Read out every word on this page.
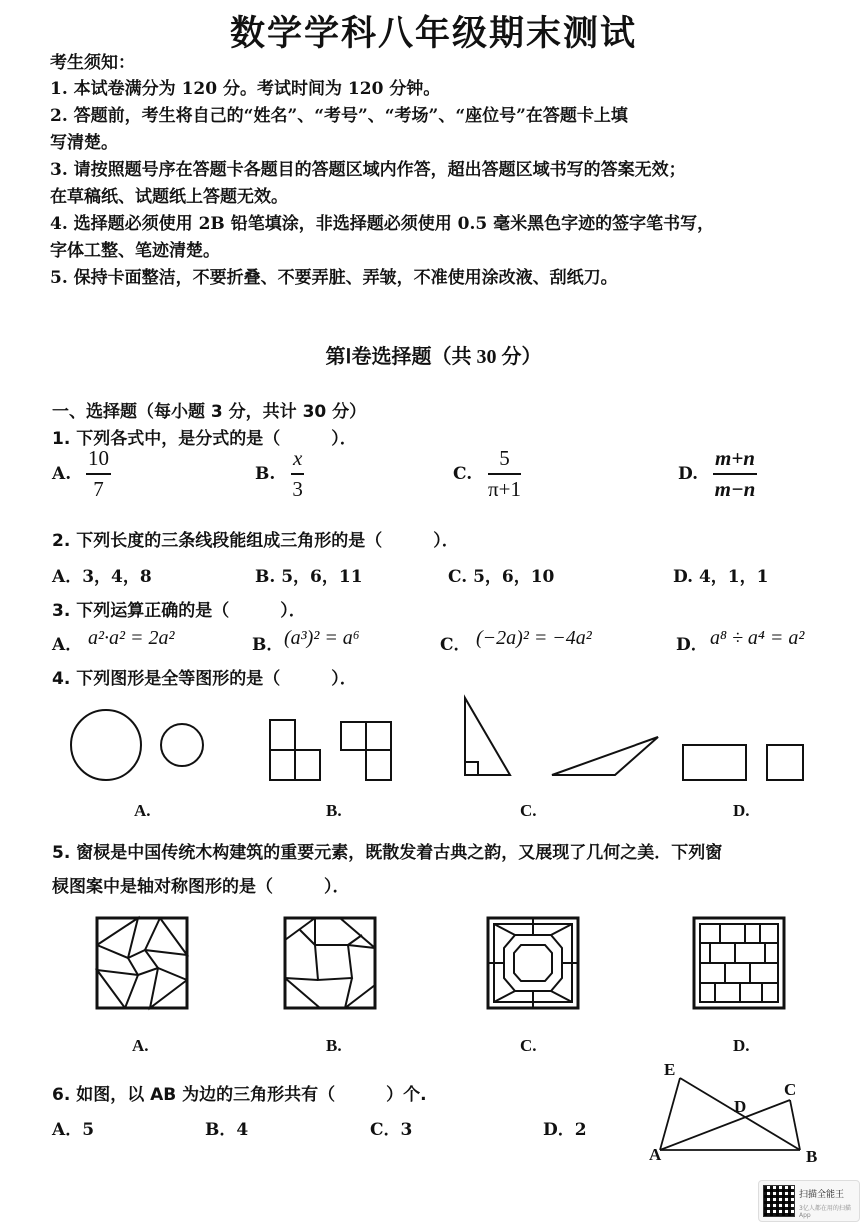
数学学科八年级期末测试
考生须知：
1. 本试卷满分为 120 分。考试时间为 120 分钟。
2. 答题前，考生将自己的“姓名”、“考号”、“考场”、“座位号”在答题卡上填
写清楚。
3. 请按照题号序在答题卡各题目的答题区域内作答，超出答题区域书写的答案无效；
在草稿纸、试题纸上答题无效。
4. 选择题必须使用 2B 铅笔填涂，非选择题必须使用 0.5 毫米黑色字迹的签字笔书写，
字体工整、笔迹清楚。
5. 保持卡面整洁，不要折叠、不要弄脏、弄皱，不准使用涂改液、刮纸刀。
第Ⅰ卷选择题（共 30 分）
一、选择题（每小题 3 分，共计 30 分）
1. 下列各式中，是分式的是（　　　）．
A. $\frac{10}{7}$	B. $\frac{x}{3}$	C. $\frac{5}{\pi+1}$	D. $\frac{m+n}{m-n}$
2. 下列长度的三条线段能组成三角形的是（　　　）．
A．3，4，8	B. 5，6，11	C. 5，6，10	D. 4，1，1
3. 下列运算正确的是（　　　）．
A． a²·a² = 2a²	B． (a³)² = a⁶	C． (−2a)² = −4a²	D． a⁸ ÷ a⁴ = a²
4. 下列图形是全等图形的是（　　　）．
A.	B.	C.	D.
5. 窗棂是中国传统木构建筑的重要元素，既散发着古典之韵，又展现了几何之美．下列窗
棂图案中是轴对称图形的是（　　　）．
A.	B.	C.	D.
6. 如图，以 AB 为边的三角形共有（　　　）个.
A．5	B．4	C．3	D．2
E
D
C
A	B
扫描全能王
3亿人都在用的扫描App
